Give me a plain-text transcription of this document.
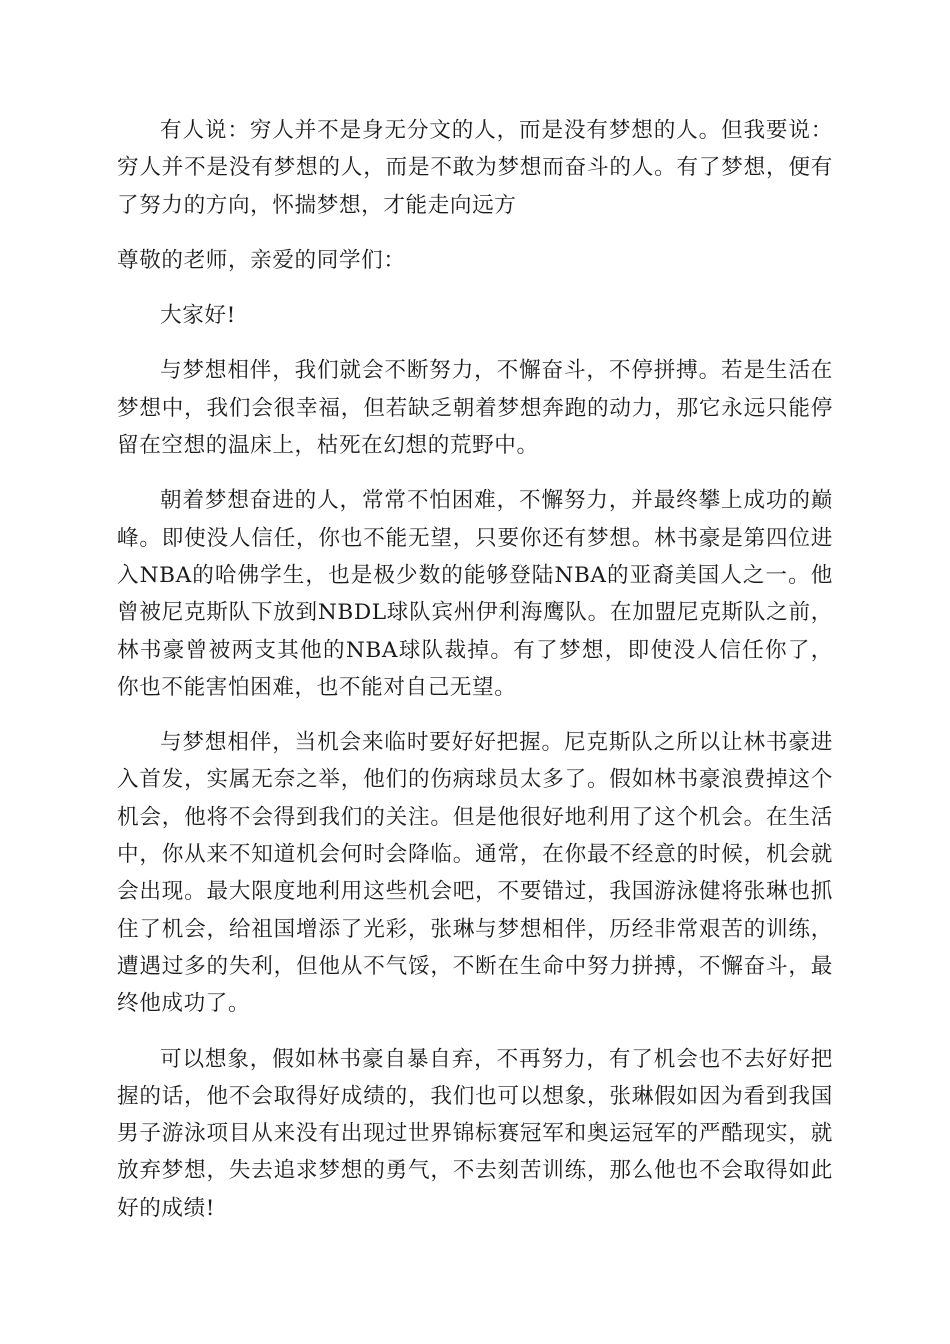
有人说：穷人并不是身无分文的人，而是没有梦想的人。但我要说：穷人并不是没有梦想的人，而是不敢为梦想而奋斗的人。有了梦想，便有了努力的方向，怀揣梦想，才能走向远方

尊敬的老师，亲爱的同学们：

大家好!

与梦想相伴，我们就会不断努力，不懈奋斗，不停拼搏。若是生活在梦想中，我们会很幸福，但若缺乏朝着梦想奔跑的动力，那它永远只能停留在空想的温床上，枯死在幻想的荒野中。

朝着梦想奋进的人，常常不怕困难，不懈努力，并最终攀上成功的巅峰。即使没人信任，你也不能无望，只要你还有梦想。林书豪是第四位进入NBA的哈佛学生，也是极少数的能够登陆NBA的亚裔美国人之一。他曾被尼克斯队下放到NBDL球队宾州伊利海鹰队。在加盟尼克斯队之前，林书豪曾被两支其他的NBA球队裁掉。有了梦想，即使没人信任你了，你也不能害怕困难，也不能对自己无望。

与梦想相伴，当机会来临时要好好把握。尼克斯队之所以让林书豪进入首发，实属无奈之举，他们的伤病球员太多了。假如林书豪浪费掉这个机会，他将不会得到我们的关注。但是他很好地利用了这个机会。在生活中，你从来不知道机会何时会降临。通常，在你最不经意的时候，机会就会出现。最大限度地利用这些机会吧，不要错过，我国游泳健将张琳也抓住了机会，给祖国增添了光彩，张琳与梦想相伴，历经非常艰苦的训练，遭遇过多的失利，但他从不气馁，不断在生命中努力拼搏，不懈奋斗，最终他成功了。

可以想象，假如林书豪自暴自弃，不再努力，有了机会也不去好好把握的话，他不会取得好成绩的，我们也可以想象，张琳假如因为看到我国男子游泳项目从来没有出现过世界锦标赛冠军和奥运冠军的严酷现实，就放弃梦想，失去追求梦想的勇气，不去刻苦训练，那么他也不会取得如此好的成绩!
